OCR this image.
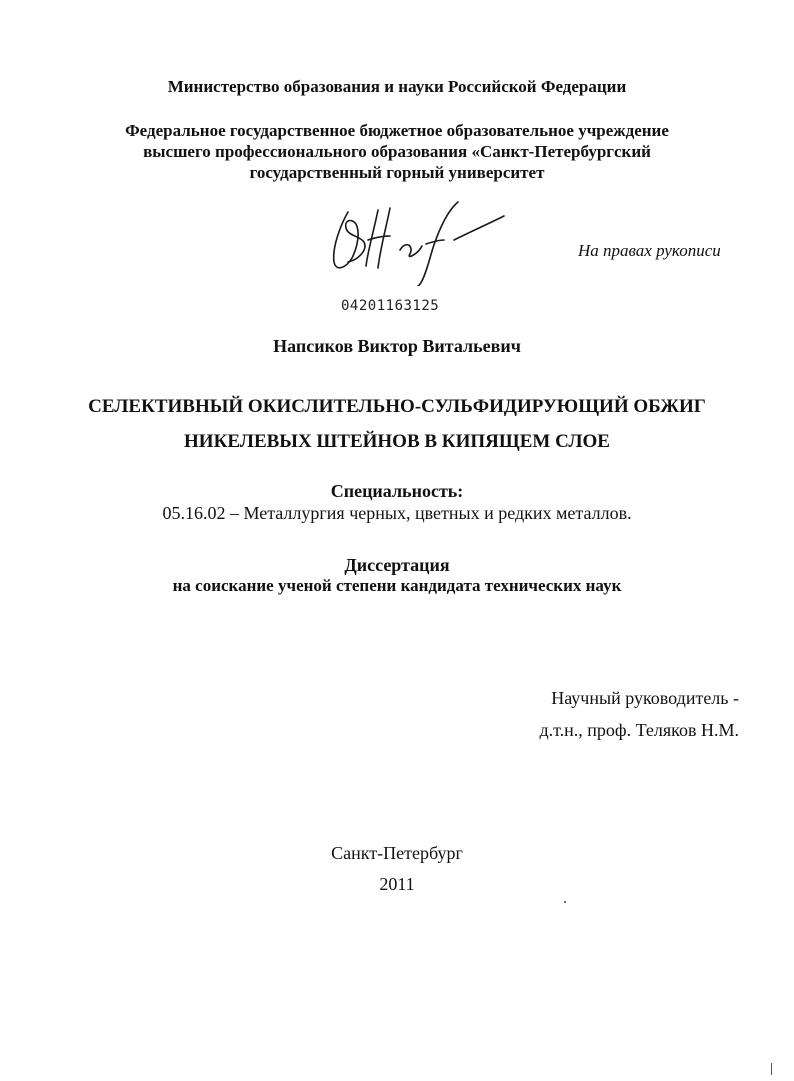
Министерство образования и науки Российской Федерации
Федеральное государственное бюджетное образовательное учреждение
высшего профессионального образования «Санкт-Петербургский
государственный горный университет
На правах рукописи
04201163125
Напсиков Виктор Витальевич
СЕЛЕКТИВНЫЙ ОКИСЛИТЕЛЬНО-СУЛЬФИДИРУЮЩИЙ ОБЖИГ
НИКЕЛЕВЫХ ШТЕЙНОВ В КИПЯЩЕМ СЛОЕ
Специальность:
05.16.02 – Металлургия черных, цветных и редких металлов.
Диссертация
на соискание ученой степени кандидата технических наук
Научный руководитель -
д.т.н., проф. Теляков Н.М.
Санкт-Петербург
2011
